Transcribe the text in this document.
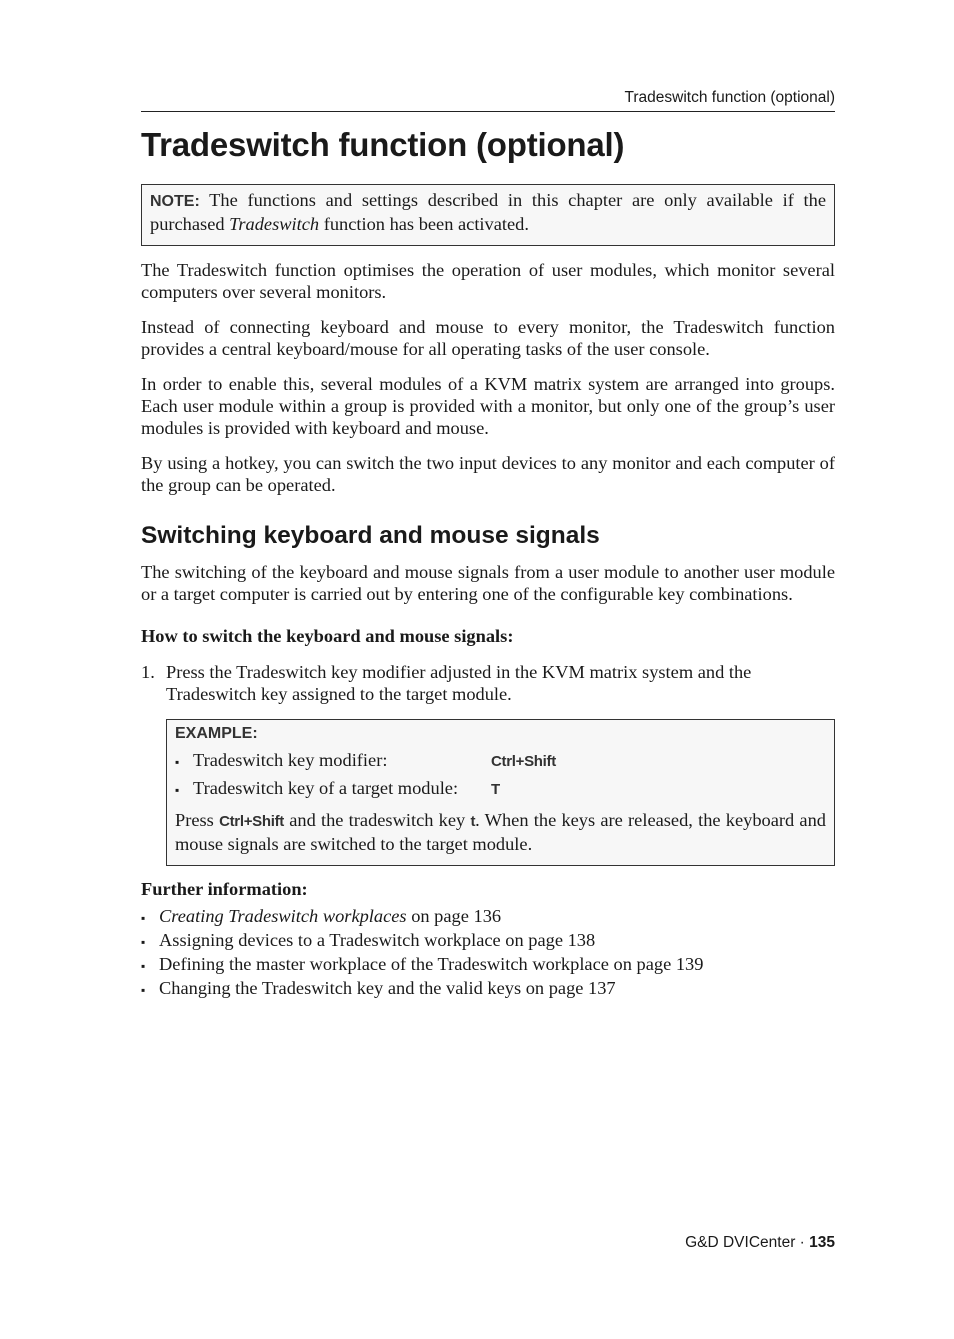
Tradeswitch function (optional)
Tradeswitch function (optional)
NOTE: The functions and settings described in this chapter are only available if the purchased Tradeswitch function has been activated.

The Tradeswitch function optimises the operation of user modules, which monitor several computers over several monitors.

Instead of connecting keyboard and mouse to every monitor, the Tradeswitch function provides a central keyboard/mouse for all operating tasks of the user console.

In order to enable this, several modules of a KVM matrix system are arranged into groups. Each user module within a group is provided with a monitor, but only one of the group’s user modules is provided with keyboard and mouse.

By using a hotkey, you can switch the two input devices to any monitor and each computer of the group can be operated.

Switching keyboard and mouse signals

The switching of the keyboard and mouse signals from a user module to another user module or a target computer is carried out by entering one of the configurable key combinations.

How to switch the keyboard and mouse signals:
1. Press the Tradeswitch key modifier adjusted in the KVM matrix system and the Tradeswitch key assigned to the target module.
EXAMPLE:
▪ Tradeswitch key modifier:	Ctrl+Shift
▪ Tradeswitch key of a target module:	T

Press Ctrl+Shift and the tradeswitch key t. When the keys are released, the keyboard and mouse signals are switched to the target module.

Further information:
▪ Creating Tradeswitch workplaces on page 136
▪ Assigning devices to a Tradeswitch workplace on page 138
▪ Defining the master workplace of the Tradeswitch workplace on page 139
▪ Changing the Tradeswitch key and the valid keys on page 137
G&D DVICenter · 135
